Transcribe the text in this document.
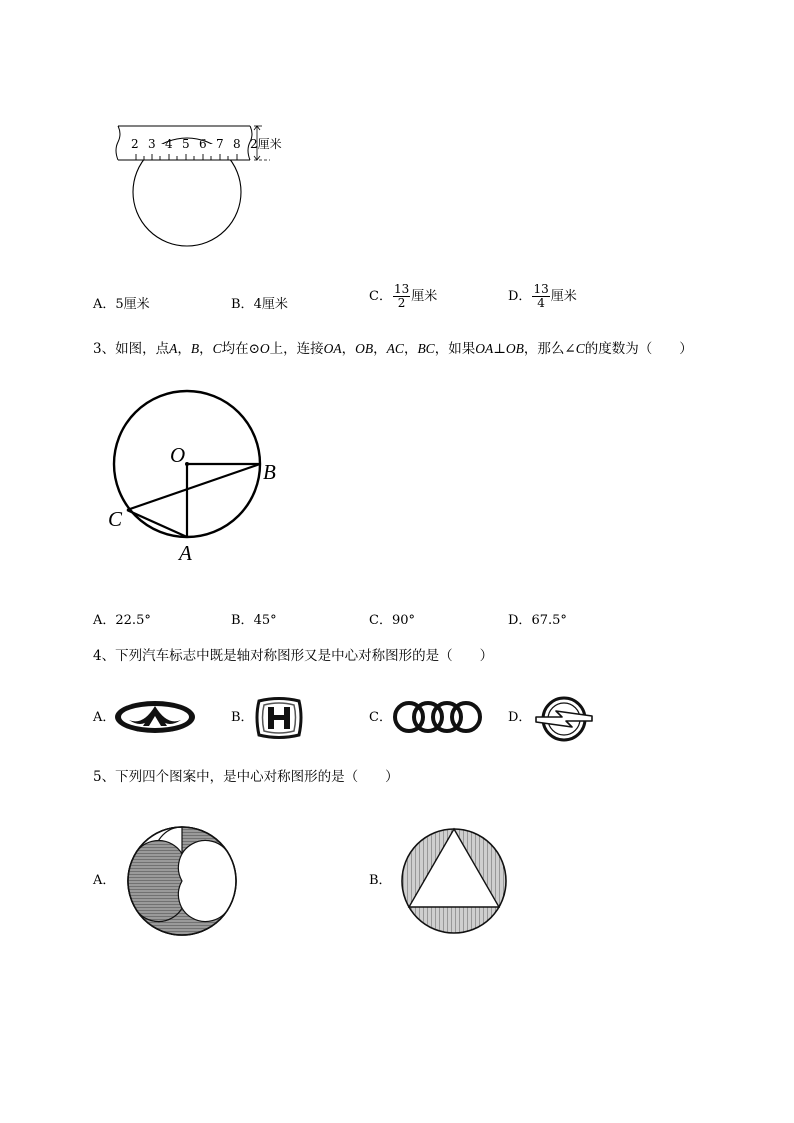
2 3 4 5 6 7 8 2厘米
A．5厘米	B．4厘米
C． $\frac{13}{2}$ 厘米	D． $\frac{13}{4}$ 厘米
3、如图，点A，B，C均在⊙O上，连接OA，OB，AC，BC，如果OA⊥OB，那么∠C的度数为（　　）
O
B
C
A
A．22.5°	B．45°	C．90°	D．67.5°
4、下列汽车标志中既是轴对称图形又是中心对称图形的是（　　）
A．	B．	C．	D．
5、下列四个图案中，是中心对称图形的是（　　）
A．	B．
